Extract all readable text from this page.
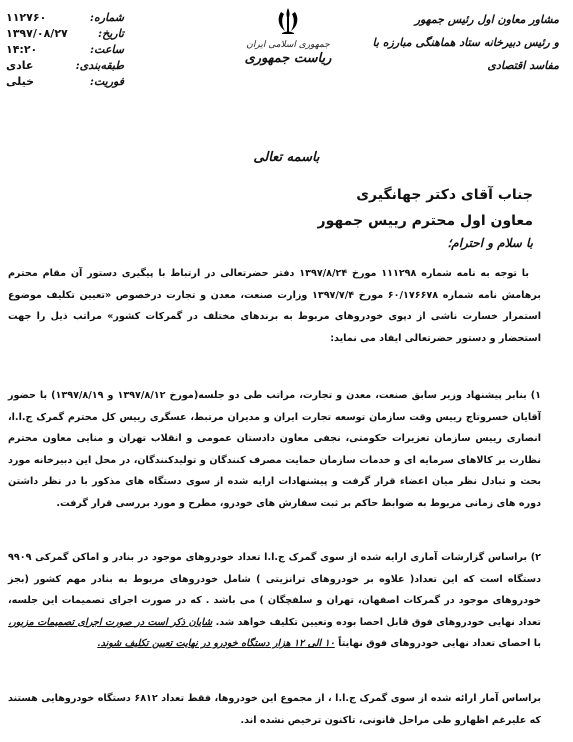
مشاور معاون اول رئیس جمهور
و رئیس دبیرخانه ستاد هماهنگی مبارزه با مفاسد اقتصادی
جمهوری اسلامی ایران
ریاست جمهوری
شماره:
۱۱۲۷۶۰
تاریخ:
۱۳۹۷/۰۸/۲۷
ساعت:
۱۴:۲۰
طبقه‌بندی:
عادی
فوریت:
خیلی
باسمه تعالی
جناب آقای دکتر جهانگیری
معاون اول محترم رییس جمهور
با سلام و احترام؛
با توجه به نامه شماره ۱۱۱۲۹۸ مورخ ۱۳۹۷/۸/۲۴ دفتر حضرتعالی در ارتباط با پیگیری دستور آن مقام محترم برهامش نامه شماره ۶۰/۱۷۶۶۷۸ مورخ ۱۳۹۷/۷/۴ وزارت صنعت، معدن و تجارت درخصوص «تعیین تکلیف موضوع استمرار خسارت ناشی از دپوی خودروهای مربوط به برندهای مختلف در گمرکات کشور» مراتب ذیل را جهت استحضار و دستور حضرتعالی ایفاد می نماید:
۱) بنابر پیشنهاد وزیر سابق صنعت، معدن و تجارت، مراتب طی دو جلسه(مورخ ۱۳۹۷/۸/۱۲ و ۱۳۹۷/۸/۱۹) با حضور آقایان خسروتاج رییس وقت سازمان توسعه تجارت ایران و مدیران مرتبط، عسگری رییس کل محترم گمرک ج.ا.ا، انصاری رییس سازمان تعزیرات حکومتی، نجفی معاون دادستان عمومی و انقلاب تهران و منایی معاون محترم نظارت بر کالاهای سرمایه ای و خدمات سازمان حمایت مصرف کنندگان و تولیدکنندگان، در محل این دبیرخانه مورد بحث و تبادل نظر میان اعضاء قرار گرفت و پیشنهادات ارایه شده از سوی دستگاه های مذکور با در نظر داشتن دوره های زمانی مربوط به ضوابط حاکم بر ثبت سفارش های خودرو، مطرح و مورد بررسی قرار گرفت.
۲) براساس گزارشات آماری ارایه شده از سوی گمرک ج.ا.ا تعداد خودروهای موجود در بنادر و اماکن گمرکی ۹۹۰۹ دستگاه است که این تعداد( علاوه بر خودروهای ترانزیتی ) شامل خودروهای مربوط به بنادر مهم کشور (بجز خودروهای موجود در گمرکات اصفهان، تهران و سلفچگان ) می باشد . که در صورت اجرای تصمیمات این جلسه، تعداد نهایی خودروهای فوق قابل احصا بوده وتعیین تکلیف خواهد شد. شایان ذکر است در صورت اجرای تصمیمات مزبور، با احصای تعداد نهایی خودروهای فوق نهایتاً ۱۰ الی ۱۲ هزار دستگاه خودرو در نهایت تعیین تکلیف شوند.
براساس آمار ارائه شده از سوی گمرک ج.ا.ا ، از مجموع این خودروها، فقط تعداد ۶۸۱۲ دستگاه خودروهایی هستند که علیرغم اظهارو طی مراحل قانونی، تاکنون ترخیص نشده اند.
